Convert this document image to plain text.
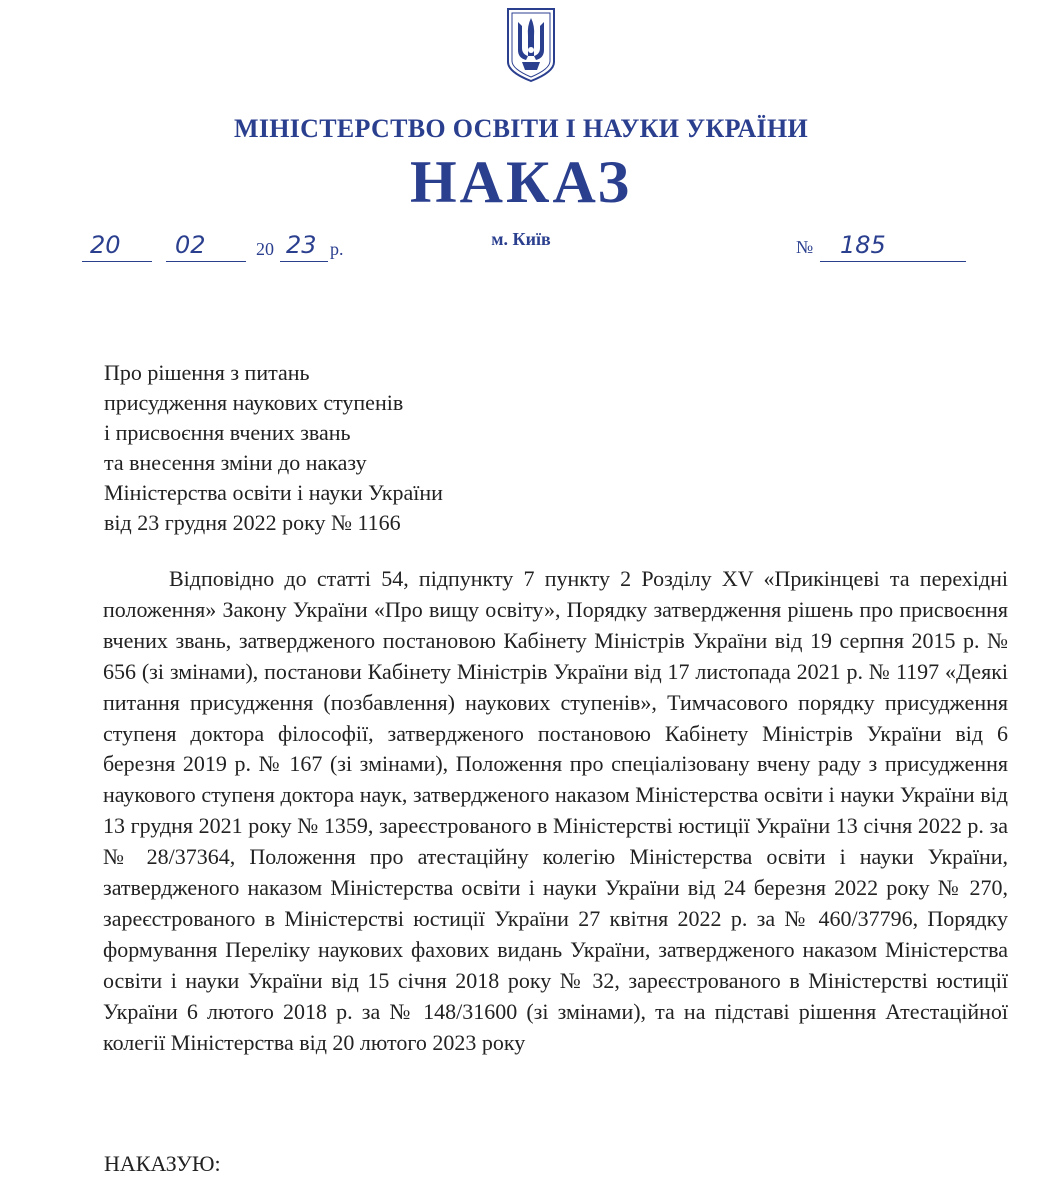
МІНІСТЕРСТВО ОСВІТИ І НАУКИ УКРАЇНИ
НАКАЗ
20 02	20 23 р.	м. Київ	№ 185
Про рішення з питань
присудження наукових ступенів
і присвоєння вчених звань
та внесення зміни до наказу
Міністерства освіти і науки України
від 23 грудня 2022 року № 1166

Відповідно до статті 54, підпункту 7 пункту 2 Розділу XV «Прикінцеві та перехідні положення» Закону України «Про вищу освіту», Порядку затвердження рішень про присвоєння вчених звань, затвердженого постановою Кабінету Міністрів України від 19 серпня 2015 р. № 656 (зі змінами), постанови Кабінету Міністрів України від 17 листопада 2021 р. № 1197 «Деякі питання присудження (позбавлення) наукових ступенів», Тимчасового порядку присудження ступеня доктора філософії, затвердженого постановою Кабінету Міністрів України від 6 березня 2019 р. № 167 (зі змінами), Положення про спеціалізовану вчену раду з присудження наукового ступеня доктора наук, затвердженого наказом Міністерства освіти і науки України від 13 грудня 2021 року № 1359, зареєстрованого в Міністерстві юстиції України 13 січня 2022 р. за № 28/37364, Положення про атестаційну колегію Міністерства освіти і науки України, затвердженого наказом Міністерства освіти і науки України від 24 березня 2022 року № 270, зареєстрованого в Міністерстві юстиції України 27 квітня 2022 р. за № 460/37796, Порядку формування Переліку наукових фахових видань України, затвердженого наказом Міністерства освіти і науки України від 15 січня 2018 року № 32, зареєстрованого в Міністерстві юстиції України 6 лютого 2018 р. за № 148/31600 (зі змінами), та на підставі рішення Атестаційної колегії Міністерства від 20 лютого 2023 року

НАКАЗУЮ:
